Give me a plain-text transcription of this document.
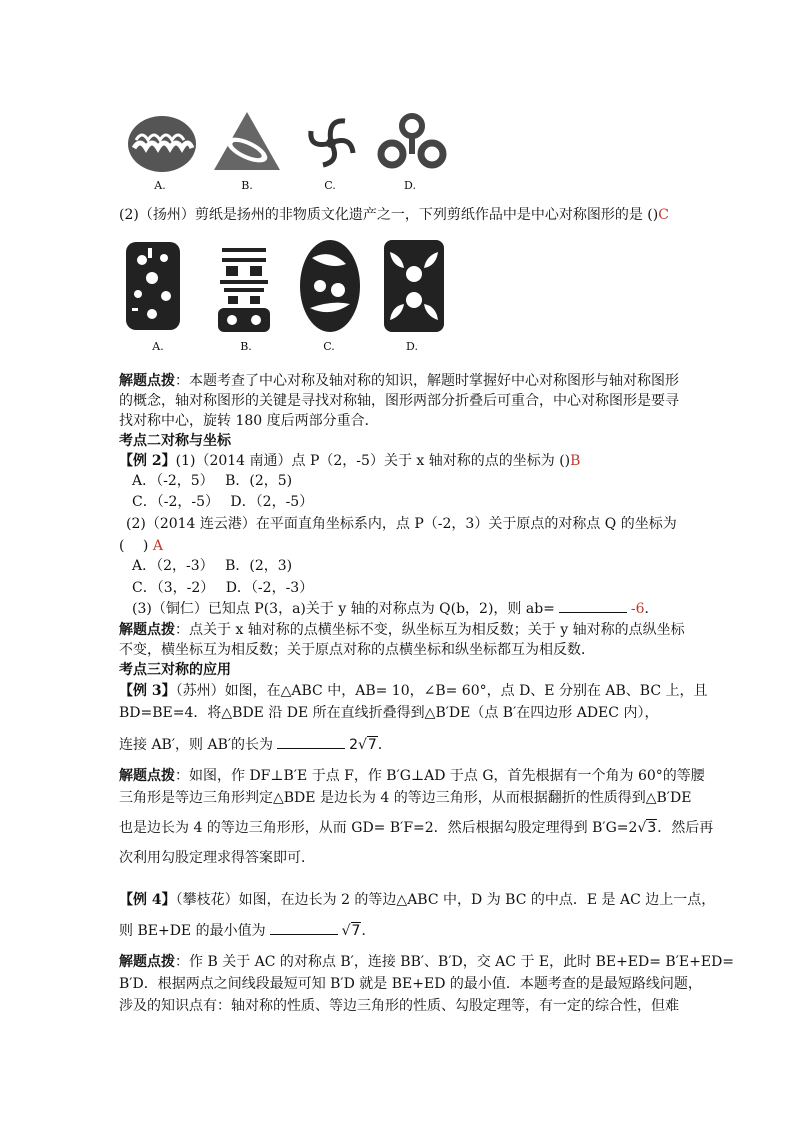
A.	B.	C.	D.
(2)（扬州）剪纸是扬州的非物质文化遗产之一，下列剪纸作品中是中心对称图形的是 ()C
A.	B.	C.	D.
解题点拨：本题考查了中心对称及轴对称的知识，解题时掌握好中心对称图形与轴对称图形
的概念，轴对称图形的关键是寻找对称轴，图形两部分折叠后可重合，中心对称图形是要寻
找对称中心，旋转 180 度后两部分重合．
考点二对称与坐标
【例 2】(1)（2014 南通）点 P（2，-5）关于 x 轴对称的点的坐标为 ()B
A．（-2，5）　 B．(2，5)
C．（-2，-5）　 D．（2，-5）
(2)（2014 连云港）在平面直角坐标系内，点 P（-2，3）关于原点的对称点 Q 的坐标为
(　 ) A
A．（2，-3）　 B．(2，3)
C．（3，-2）　 D．（-2，-3）
(3)（铜仁）已知点 P(3，a)关于 y 轴的对称点为 Q(b，2)，则 ab=	-6．
解题点拨：点关于 x 轴对称的点横坐标不变，纵坐标互为相反数；关于 y 轴对称的点纵坐标
不变，横坐标互为相反数；关于原点对称的点横坐标和纵坐标都互为相反数．
考点三对称的应用
【例 3】（苏州）如图，在△ABC 中，AB= 10，∠B= 60°，点 D、E 分别在 AB、BC 上，且
BD=BE=4．将△BDE 沿 DE 所在直线折叠得到△B′DE（点 B′在四边形 ADEC 内），
连接 AB′，则 AB′的长为	2√7．
解题点拨：如图，作 DF⊥B′E 于点 F，作 B′G⊥AD 于点 G，首先根据有一个角为 60°的等腰
三角形是等边三角形判定△BDE 是边长为 4 的等边三角形，从而根据翻折的性质得到△B′DE
也是边长为 4 的等边三角形形，从而 GD= B′F=2．然后根据勾股定理得到 B′G=2√3．然后再
次利用勾股定理求得答案即可．
【例 4】（攀枝花）如图，在边长为 2 的等边△ABC 中，D 为 BC 的中点．E 是 AC 边上一点，
则 BE+DE 的最小值为	√7．
解题点拨：作 B 关于 AC 的对称点 B′，连接 BB′、B′D，交 AC 于 E，此时 BE+ED= B′E+ED=
B′D．根据两点之间线段最短可知 B′D 就是 BE+ED 的最小值．本题考查的是最短路线问题，
涉及的知识点有：轴对称的性质、等边三角形的性质、勾股定理等，有一定的综合性，但难
